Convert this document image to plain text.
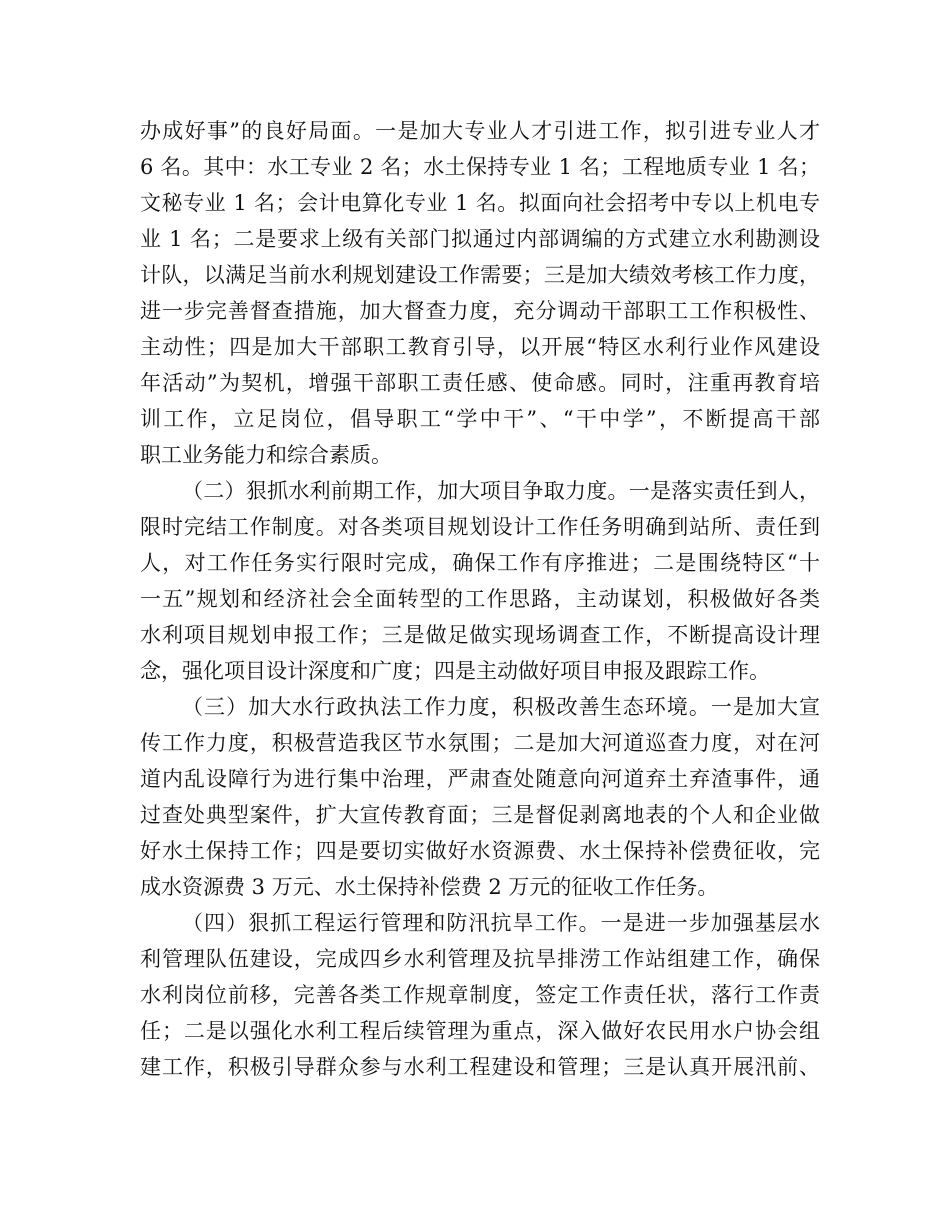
办成好事”的良好局面。一是加大专业人才引进工作，拟引进专业人才
6 名。其中：水工专业 2 名；水土保持专业 1 名；工程地质专业 1 名；
文秘专业 1 名；会计电算化专业 1 名。拟面向社会招考中专以上机电专
业 1 名；二是要求上级有关部门拟通过内部调编的方式建立水利勘测设
计队，以满足当前水利规划建设工作需要；三是加大绩效考核工作力度，
进一步完善督查措施，加大督查力度，充分调动干部职工工作积极性、
主动性；四是加大干部职工教育引导，以开展“特区水利行业作风建设
年活动”为契机，增强干部职工责任感、使命感。同时，注重再教育培
训工作，立足岗位，倡导职工“学中干”、“干中学”，不断提高干部
职工业务能力和综合素质。
（二）狠抓水利前期工作，加大项目争取力度。一是落实责任到人，
限时完结工作制度。对各类项目规划设计工作任务明确到站所、责任到
人，对工作任务实行限时完成，确保工作有序推进；二是围绕特区“十
一五”规划和经济社会全面转型的工作思路，主动谋划，积极做好各类
水利项目规划申报工作；三是做足做实现场调查工作，不断提高设计理
念，强化项目设计深度和广度；四是主动做好项目申报及跟踪工作。
（三）加大水行政执法工作力度，积极改善生态环境。一是加大宣
传工作力度，积极营造我区节水氛围；二是加大河道巡查力度，对在河
道内乱设障行为进行集中治理，严肃查处随意向河道弃土弃渣事件，通
过查处典型案件，扩大宣传教育面；三是督促剥离地表的个人和企业做
好水土保持工作；四是要切实做好水资源费、水土保持补偿费征收，完
成水资源费 3 万元、水土保持补偿费 2 万元的征收工作任务。
（四）狠抓工程运行管理和防汛抗旱工作。一是进一步加强基层水
利管理队伍建设，完成四乡水利管理及抗旱排涝工作站组建工作，确保
水利岗位前移，完善各类工作规章制度，签定工作责任状，落行工作责
任；二是以强化水利工程后续管理为重点，深入做好农民用水户协会组
建工作，积极引导群众参与水利工程建设和管理；三是认真开展汛前、
